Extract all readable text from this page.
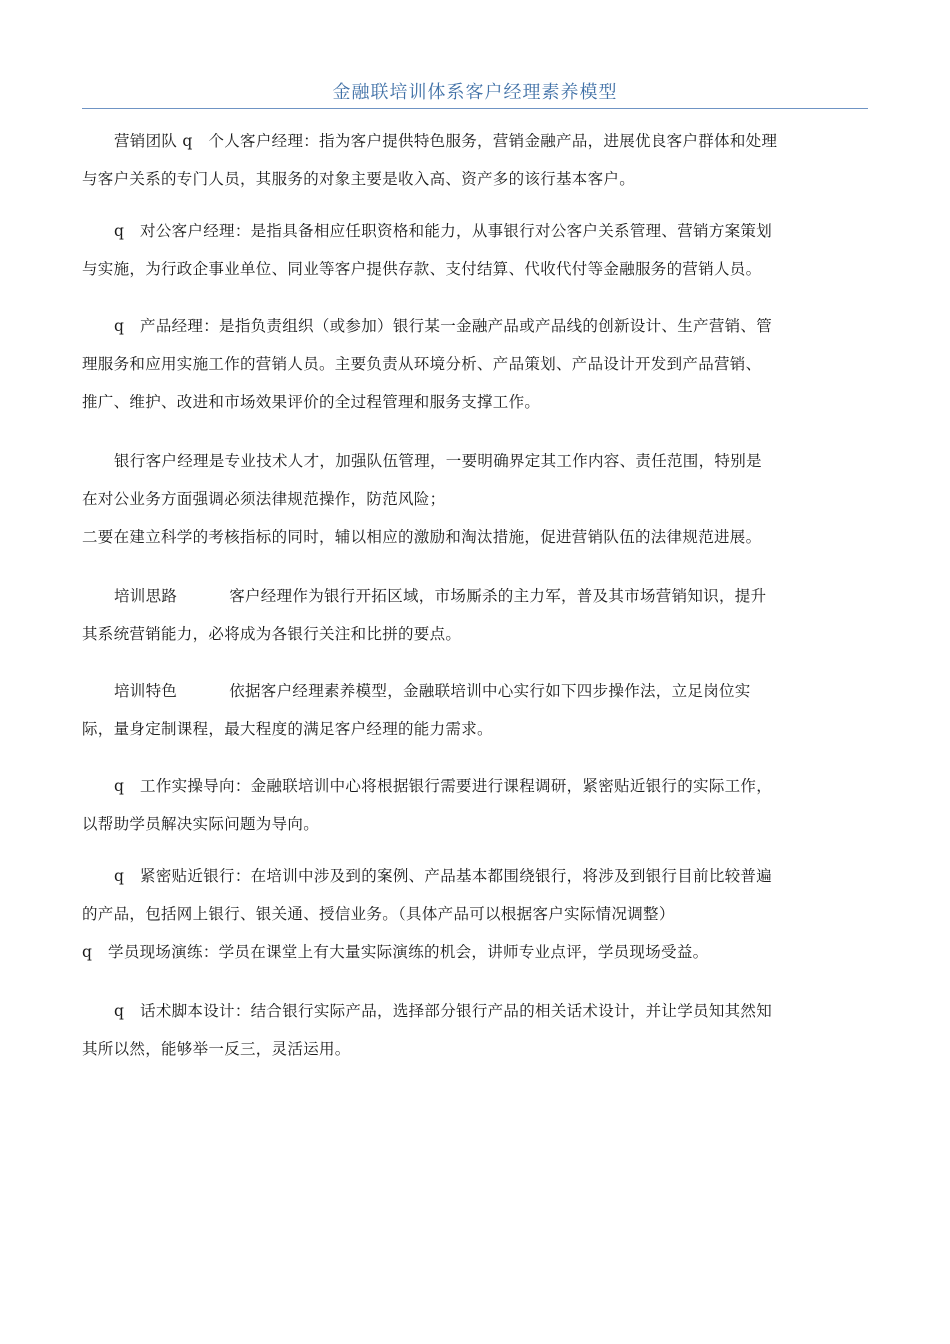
金融联培训体系客户经理素养模型
营销团队 q　个人客户经理：指为客户提供特色服务，营销金融产品，进展优良客户群体和处理
与客户关系的专门人员，其服务的对象主要是收入高、资产多的该行基本客户。
q　对公客户经理：是指具备相应任职资格和能力，从事银行对公客户关系管理、营销方案策划
与实施，为行政企事业单位、同业等客户提供存款、支付结算、代收代付等金融服务的营销人员。
q　产品经理：是指负责组织（或参加）银行某一金融产品或产品线的创新设计、生产营销、管
理服务和应用实施工作的营销人员。主要负责从环境分析、产品策划、产品设计开发到产品营销、
推广、维护、改进和市场效果评价的全过程管理和服务支撑工作。
银行客户经理是专业技术人才，加强队伍管理，一要明确界定其工作内容、责任范围，特别是
在对公业务方面强调必须法律规范操作，防范风险；
二要在建立科学的考核指标的同时，辅以相应的激励和淘汰措施，促进营销队伍的法律规范进展。
培训思路	客户经理作为银行开拓区域，市场厮杀的主力军，普及其市场营销知识，提升
其系统营销能力，必将成为各银行关注和比拼的要点。
培训特色	依据客户经理素养模型，金融联培训中心实行如下四步操作法，立足岗位实
际，量身定制课程，最大程度的满足客户经理的能力需求。
q　工作实操导向：金融联培训中心将根据银行需要进行课程调研，紧密贴近银行的实际工作，
以帮助学员解决实际问题为导向。
q　紧密贴近银行：在培训中涉及到的案例、产品基本都围绕银行，将涉及到银行目前比较普遍
的产品，包括网上银行、银关通、授信业务。（具体产品可以根据客户实际情况调整）
q　学员现场演练：学员在课堂上有大量实际演练的机会，讲师专业点评，学员现场受益。
q　话术脚本设计：结合银行实际产品，选择部分银行产品的相关话术设计，并让学员知其然知
其所以然，能够举一反三，灵活运用。
